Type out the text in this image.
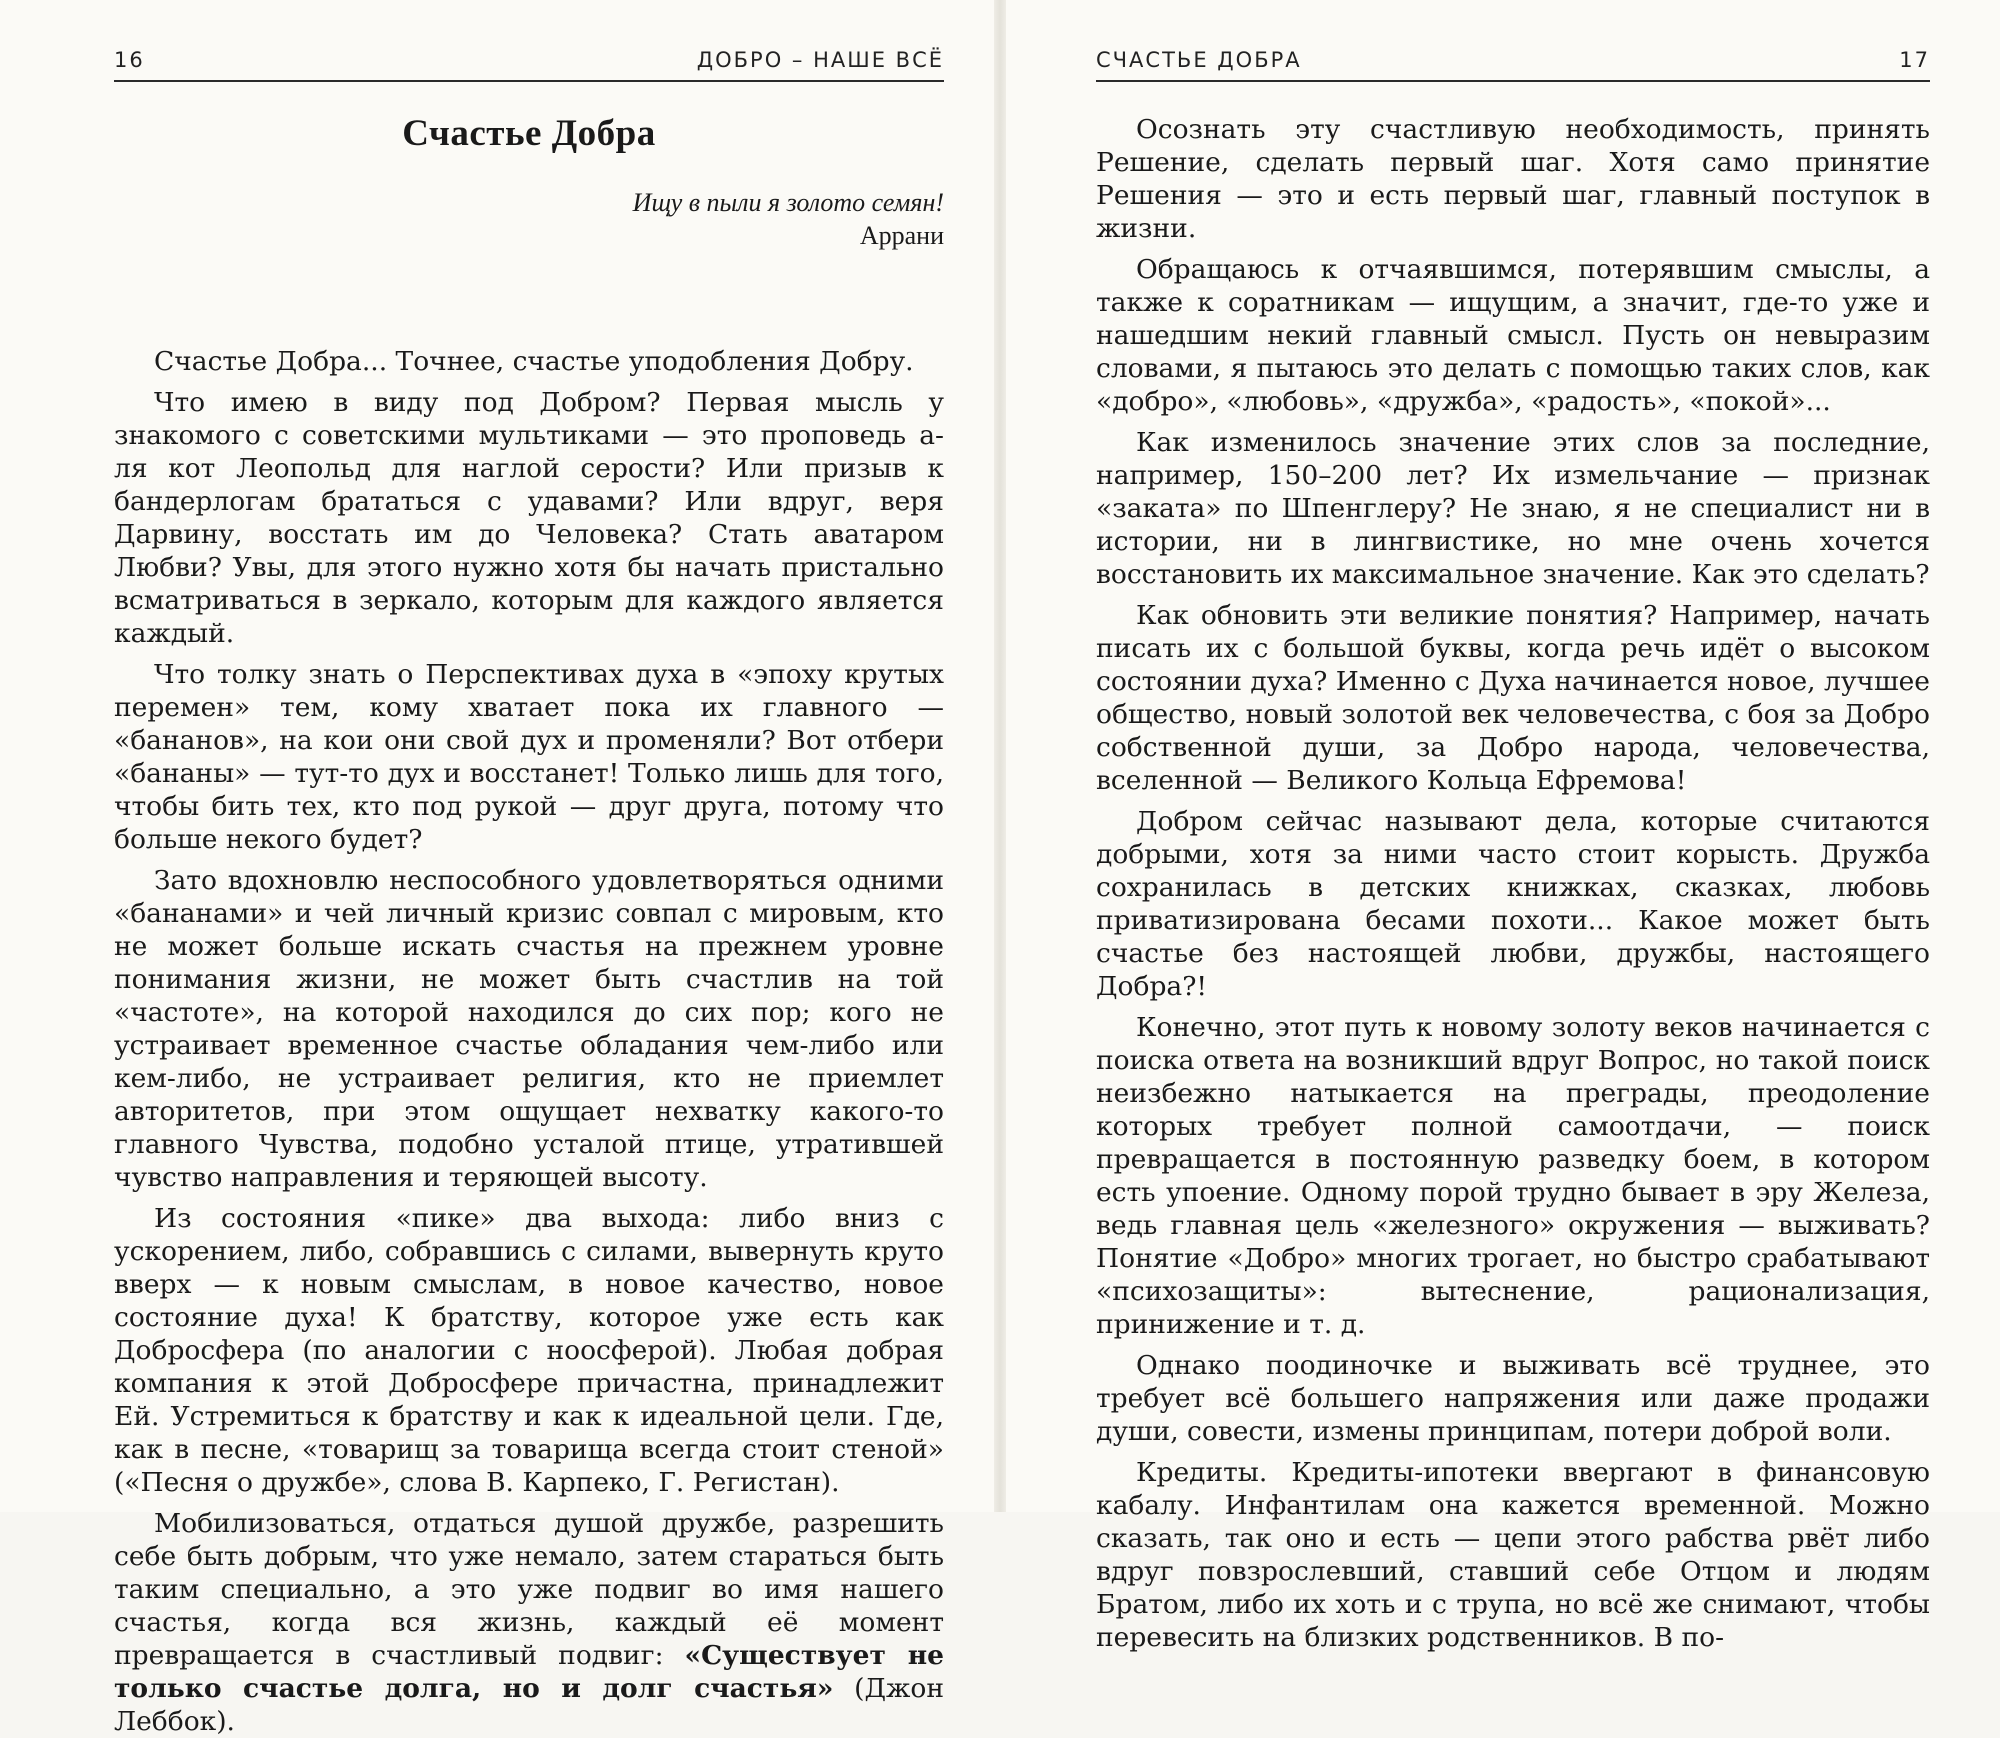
16	ДОБРО – НАШЕ ВСЁ
Счастье Добра
Ищу в пыли я золото семян!
Аррани

Счастье Добра... Точнее, счастье уподобления Добру.

Что имею в виду под Добром? Первая мысль у знакомого с советскими мультиками — это проповедь а-ля кот Леопольд для наглой серости? Или призыв к бандерлогам брататься с удавами? Или вдруг, веря Дарвину, восстать им до Человека? Стать аватаром Любви? Увы, для этого нужно хотя бы начать пристально всматриваться в зеркало, которым для каждого является каждый.

Что толку знать о Перспективах духа в «эпоху крутых перемен» тем, кому хватает пока их главного — «бананов», на кои они свой дух и променяли? Вот отбери «бананы» — тут-то дух и восстанет! Только лишь для того, чтобы бить тех, кто под рукой — друг друга, потому что больше некого будет?

Зато вдохновлю неспособного удовлетворяться одними «бананами» и чей личный кризис совпал с мировым, кто не может больше искать счастья на прежнем уровне понимания жизни, не может быть счастлив на той «частоте», на которой находился до сих пор; кого не устраивает временное счастье обладания чем-либо или кем-либо, не устраивает религия, кто не приемлет авторитетов, при этом ощущает нехватку какого-то главного Чувства, подобно усталой птице, утратившей чувство направления и теряющей высоту.

Из состояния «пике» два выхода: либо вниз с ускорением, либо, собравшись с силами, вывернуть круто вверх — к новым смыслам, в новое качество, новое состояние духа! К братству, которое уже есть как Добросфера (по аналогии с ноосферой). Любая добрая компания к этой Добросфере причастна, принадлежит Ей. Устремиться к братству и как к идеальной цели. Где, как в песне, «товарищ за товарища всегда стоит стеной» («Песня о дружбе», слова В. Карпеко, Г. Регистан).

Мобилизоваться, отдаться душой дружбе, разрешить себе быть добрым, что уже немало, затем стараться быть таким специально, а это уже подвиг во имя нашего счастья, когда вся жизнь, каждый её момент превращается в счастливый подвиг: «Существует не только счастье долга, но и долг счастья» (Джон Леббок).

СЧАСТЬЕ ДОБРА	17

Осознать эту счастливую необходимость, принять Решение, сделать первый шаг. Хотя само принятие Решения — это и есть первый шаг, главный поступок в жизни.

Обращаюсь к отчаявшимся, потерявшим смыслы, а также к соратникам — ищущим, а значит, где-то уже и нашедшим некий главный смысл. Пусть он невыразим словами, я пытаюсь это делать с помощью таких слов, как «добро», «любовь», «дружба», «радость», «покой»...

Как изменилось значение этих слов за последние, например, 150–200 лет? Их измельчание — признак «заката» по Шпенглеру? Не знаю, я не специалист ни в истории, ни в лингвистике, но мне очень хочется восстановить их максимальное значение. Как это сделать?

Как обновить эти великие понятия? Например, начать писать их с большой буквы, когда речь идёт о высоком состоянии духа? Именно с Духа начинается новое, лучшее общество, новый золотой век человечества, с боя за Добро собственной души, за Добро народа, человечества, вселенной — Великого Кольца Ефремова!

Добром сейчас называют дела, которые считаются добрыми, хотя за ними часто стоит корысть. Дружба сохранилась в детских книжках, сказках, любовь приватизирована бесами похоти... Какое может быть счастье без настоящей любви, дружбы, настоящего Добра?!

Конечно, этот путь к новому золоту веков начинается с поиска ответа на возникший вдруг Вопрос, но такой поиск неизбежно натыкается на преграды, преодоление которых требует полной самоотдачи, — поиск превращается в постоянную разведку боем, в котором есть упоение. Одному порой трудно бывает в эру Железа, ведь главная цель «железного» окружения — выживать? Понятие «Добро» многих трогает, но быстро срабатывают «психозащиты»: вытеснение, рационализация, принижение и т. д.

Однако поодиночке и выживать всё труднее, это требует всё большего напряжения или даже продажи души, совести, измены принципам, потери доброй воли.

Кредиты. Кредиты-ипотеки ввергают в финансовую кабалу. Инфантилам она кажется временной. Можно сказать, так оно и есть — цепи этого рабства рвёт либо вдруг повзрослевший, ставший себе Отцом и людям Братом, либо их хоть и с трупа, но всё же снимают, чтобы перевесить на близких родственников. В по-
